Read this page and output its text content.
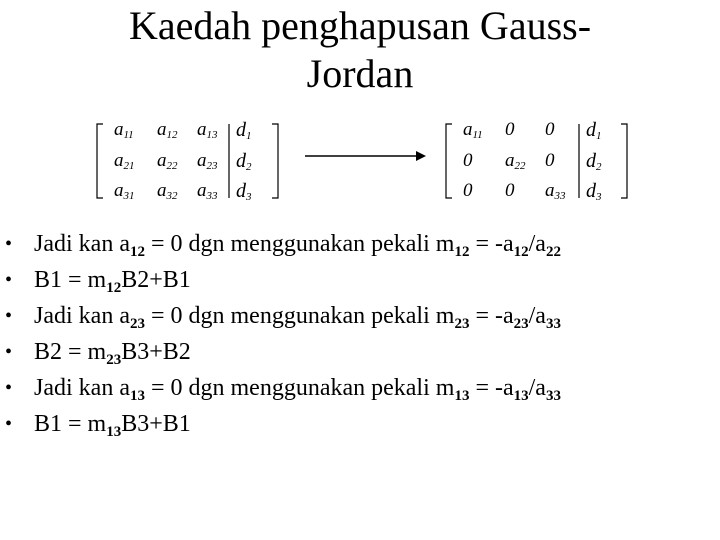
Kaedah penghapusan Gauss-
Jordan
$a_{11}$ $a_{12}$ $a_{13}$ $d_1$
$a_{21}$ $a_{22}$ $a_{23}$ $d_2$
$a_{31}$ $a_{32}$ $a_{33}$ $d_3$
$a_{11}$ 0 0 $d_1$
0 $a_{22}$ 0 $d_2$
0 0 $a_{33}$ $d_3$
• Jadi kan $a_{12} = 0$ dgn menggunakan pekali $m_{12} = -a_{12}/a_{22}$
• $B1 = m_{12}B2+B1$
• Jadi kan $a_{23} = 0$ dgn menggunakan pekali $m_{23} = -a_{23}/a_{33}$
• $B2 = m_{23}B3+B2$
• Jadi kan $a_{13} = 0$ dgn menggunakan pekali $m_{13} = -a_{13}/a_{33}$
• $B1 = m_{13}B3+B1$
